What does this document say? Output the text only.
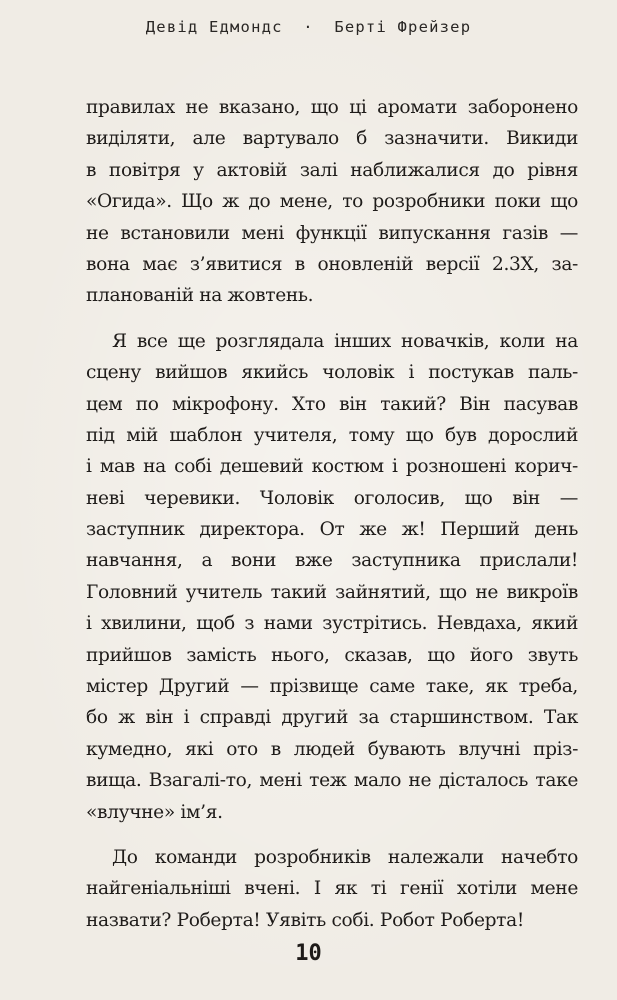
Девід Едмондс · Берті Фрейзер
правилах не вказано, що ці аромати заборонено
виділяти, але вартувало б зазначити. Викиди
в повітря у актовій залі наближалися до рівня
«Огида». Що ж до мене, то розробники поки що
не встановили мені функції випускання газів —
вона має з’явитися в оновленій версії 2.3X, за-
планованій на жовтень.
Я все ще розглядала інших новачків, коли на
сцену вийшов якийсь чоловік і постукав паль-
цем по мікрофону. Хто він такий? Він пасував
під мій шаблон учителя, тому що був дорослий
і мав на собі дешевий костюм і розношені корич-
неві черевики. Чоловік оголосив, що він —
заступник директора. От же ж! Перший день
навчання, а вони вже заступника прислали!
Головний учитель такий зайнятий, що не викроїв
і хвилини, щоб з нами зустрітись. Невдаха, який
прийшов замість нього, сказав, що його звуть
містер Другий — прізвище саме таке, як треба,
бо ж він і справді другий за старшинством. Так
кумедно, які ото в людей бувають влучні пріз-
вища. Взагалі-то, мені теж мало не дісталось таке
«влучне» ім’я.
До команди розробників належали начебто
найгеніальніші вчені. І як ті генії хотіли мене
назвати? Роберта! Уявіть собі. Робот Роберта!
10
